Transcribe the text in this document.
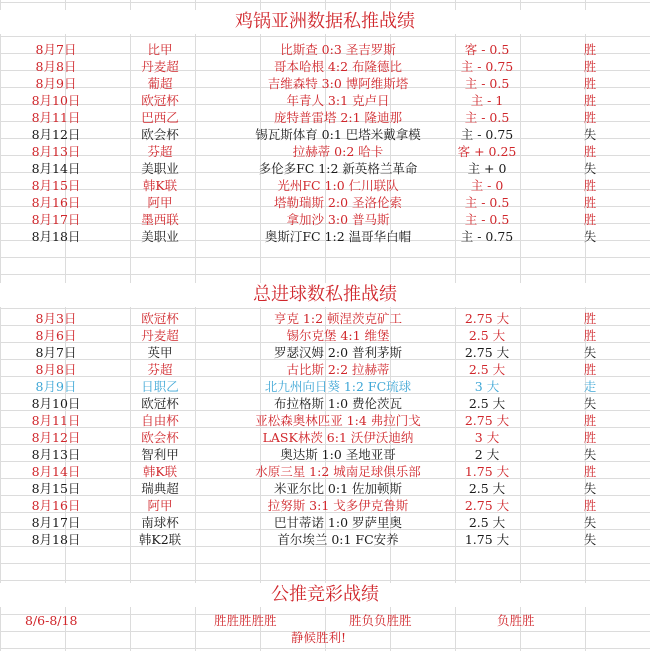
鸡锅亚洲数据私推战绩
8月7日	比甲	比斯查 0:3 圣吉罗斯	客 - 0.5	胜
8月8日	丹麦超	哥本哈根 4:2 布隆德比	主 - 0.75	胜
8月9日	葡超	吉维森特 3:0 博阿维斯塔	主 - 0.5	胜
8月10日	欧冠杯	年青人 3:1 克卢日	主 - 1	胜
8月11日	巴西乙	庞特普雷塔 2:1 隆迪那	主 - 0.5	胜
8月12日	欧会杯	锡瓦斯体育 0:1 巴塔米戴拿模	主 - 0.75	失
8月13日	芬超	拉赫蒂 0:2 哈卡	客 + 0.25	胜
8月14日	美职业	多伦多FC 1:2 新英格兰革命	主 + 0	失
8月15日	韩K联	光州FC 1:0 仁川联队	主 - 0	胜
8月16日	阿甲	塔勒瑞斯 2:0 圣洛伦索	主 - 0.5	胜
8月17日	墨西联	拿加沙 3:0 普马斯	主 - 0.5	胜
8月18日	美职业	奥斯汀FC 1:2 温哥华白帽	主 - 0.75	失
总进球数私推战绩
8月3日	欧冠杯	亨克 1:2 顿涅茨克矿工	2.75 大	胜
8月6日	丹麦超	锡尔克堡 4:1 维堡	2.5 大	胜
8月7日	英甲	罗瑟汉姆 2:0 普利茅斯	2.75 大	失
8月8日	芬超	古比斯 2:2 拉赫蒂	2.5 大	胜
8月9日	日职乙	北九州向日葵 1:2 FC琉球	3 大	走
8月10日	欧冠杯	布拉格斯 1:0 费伦茨瓦	2.5 大	失
8月11日	自由杯	亚松森奥林匹亚 1:4 弗拉门戈	2.75 大	胜
8月12日	欧会杯	LASK林茨 6:1 沃伊沃迪纳	3 大	胜
8月13日	智利甲	奥达斯 1:0 圣地亚哥	2 大	失
8月14日	韩K联	水原三星 1:2 城南足球俱乐部	1.75 大	胜
8月15日	瑞典超	米亚尔比 0:1 佐加顿斯	2.5 大	失
8月16日	阿甲	拉努斯 3:1 戈多伊克鲁斯	2.75 大	胜
8月17日	南球杯	巴甘蒂诺 1:0 罗萨里奥	2.5 大	失
8月18日	韩K2联	首尔埃兰 0:1 FC安养	1.75 大	失
公推竞彩战绩
8/6-8/18	胜胜胜胜胜	胜负负胜胜	负胜胜
静候胜利!
